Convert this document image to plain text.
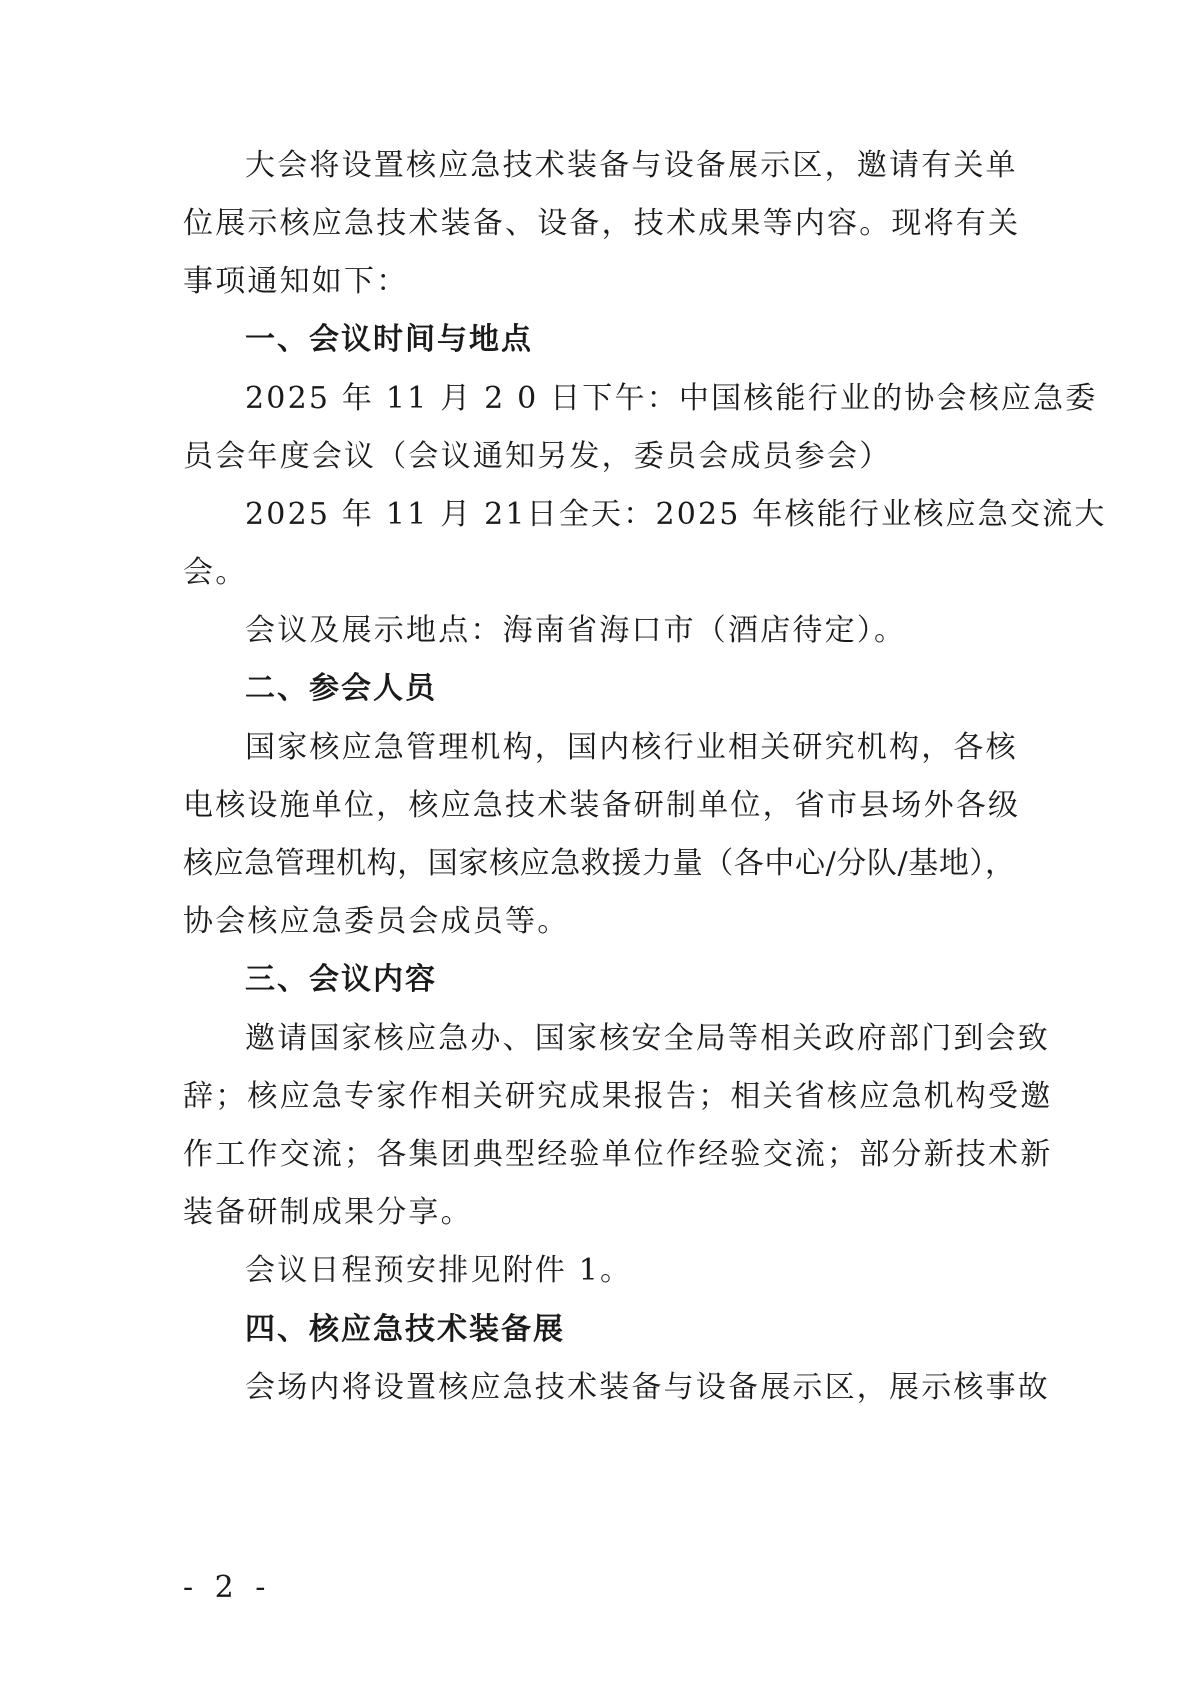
大会将设置核应急技术装备与设备展示区，邀请有关单
位展示核应急技术装备、设备，技术成果等内容。现将有关
事项通知如下：
一、会议时间与地点
2025 年 11 月 2 0 日下午：中国核能行业的协会核应急委
员会年度会议（会议通知另发，委员会成员参会）
2025 年 11 月 21日全天：2025 年核能行业核应急交流大
会。
会议及展示地点：海南省海口市（酒店待定）。
二、参会人员
国家核应急管理机构，国内核行业相关研究机构，各核
电核设施单位，核应急技术装备研制单位，省市县场外各级
核应急管理机构，国家核应急救援力量（各中心/分队/基地），
协会核应急委员会成员等。
三、会议内容
邀请国家核应急办、国家核安全局等相关政府部门到会致
辞；核应急专家作相关研究成果报告；相关省核应急机构受邀
作工作交流；各集团典型经验单位作经验交流；部分新技术新
装备研制成果分享。
会议日程预安排见附件 1。
四、核应急技术装备展
会场内将设置核应急技术装备与设备展示区，展示核事故
- 2 -
